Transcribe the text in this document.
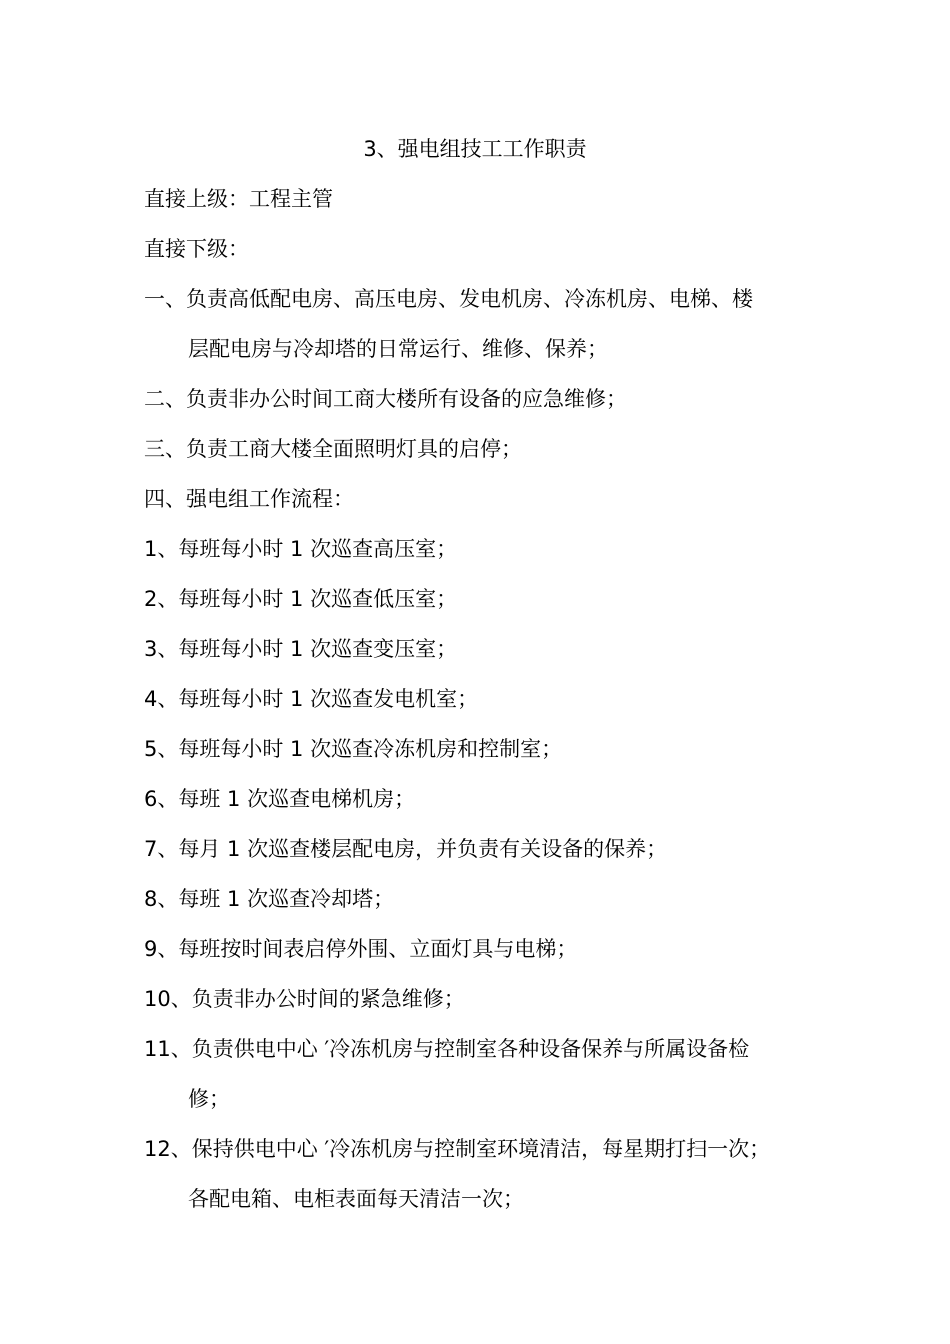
3、强电组技工工作职责
直接上级：工程主管
直接下级：
一、负责高低配电房、高压电房、发电机房、冷冻机房、电梯、楼
层配电房与冷却塔的日常运行、维修、保养；
二、负责非办公时间工商大楼所有设备的应急维修；
三、负责工商大楼全面照明灯具的启停；
四、强电组工作流程：
1、每班每小时 1 次巡查高压室；
2、每班每小时 1 次巡查低压室；
3、每班每小时 1 次巡查变压室；
4、每班每小时 1 次巡查发电机室；
5、每班每小时 1 次巡查冷冻机房和控制室；
6、每班 1 次巡查电梯机房；
7、每月 1 次巡查楼层配电房，并负责有关设备的保养；
8、每班 1 次巡查冷却塔；
9、每班按时间表启停外围、立面灯具与电梯；
10、负责非办公时间的紧急维修；
11、负责供电中心 ′冷冻机房与控制室各种设备保养与所属设备检
修；
12、保持供电中心 ′冷冻机房与控制室环境清洁，每星期打扫一次；
各配电箱、电柜表面每天清洁一次；
